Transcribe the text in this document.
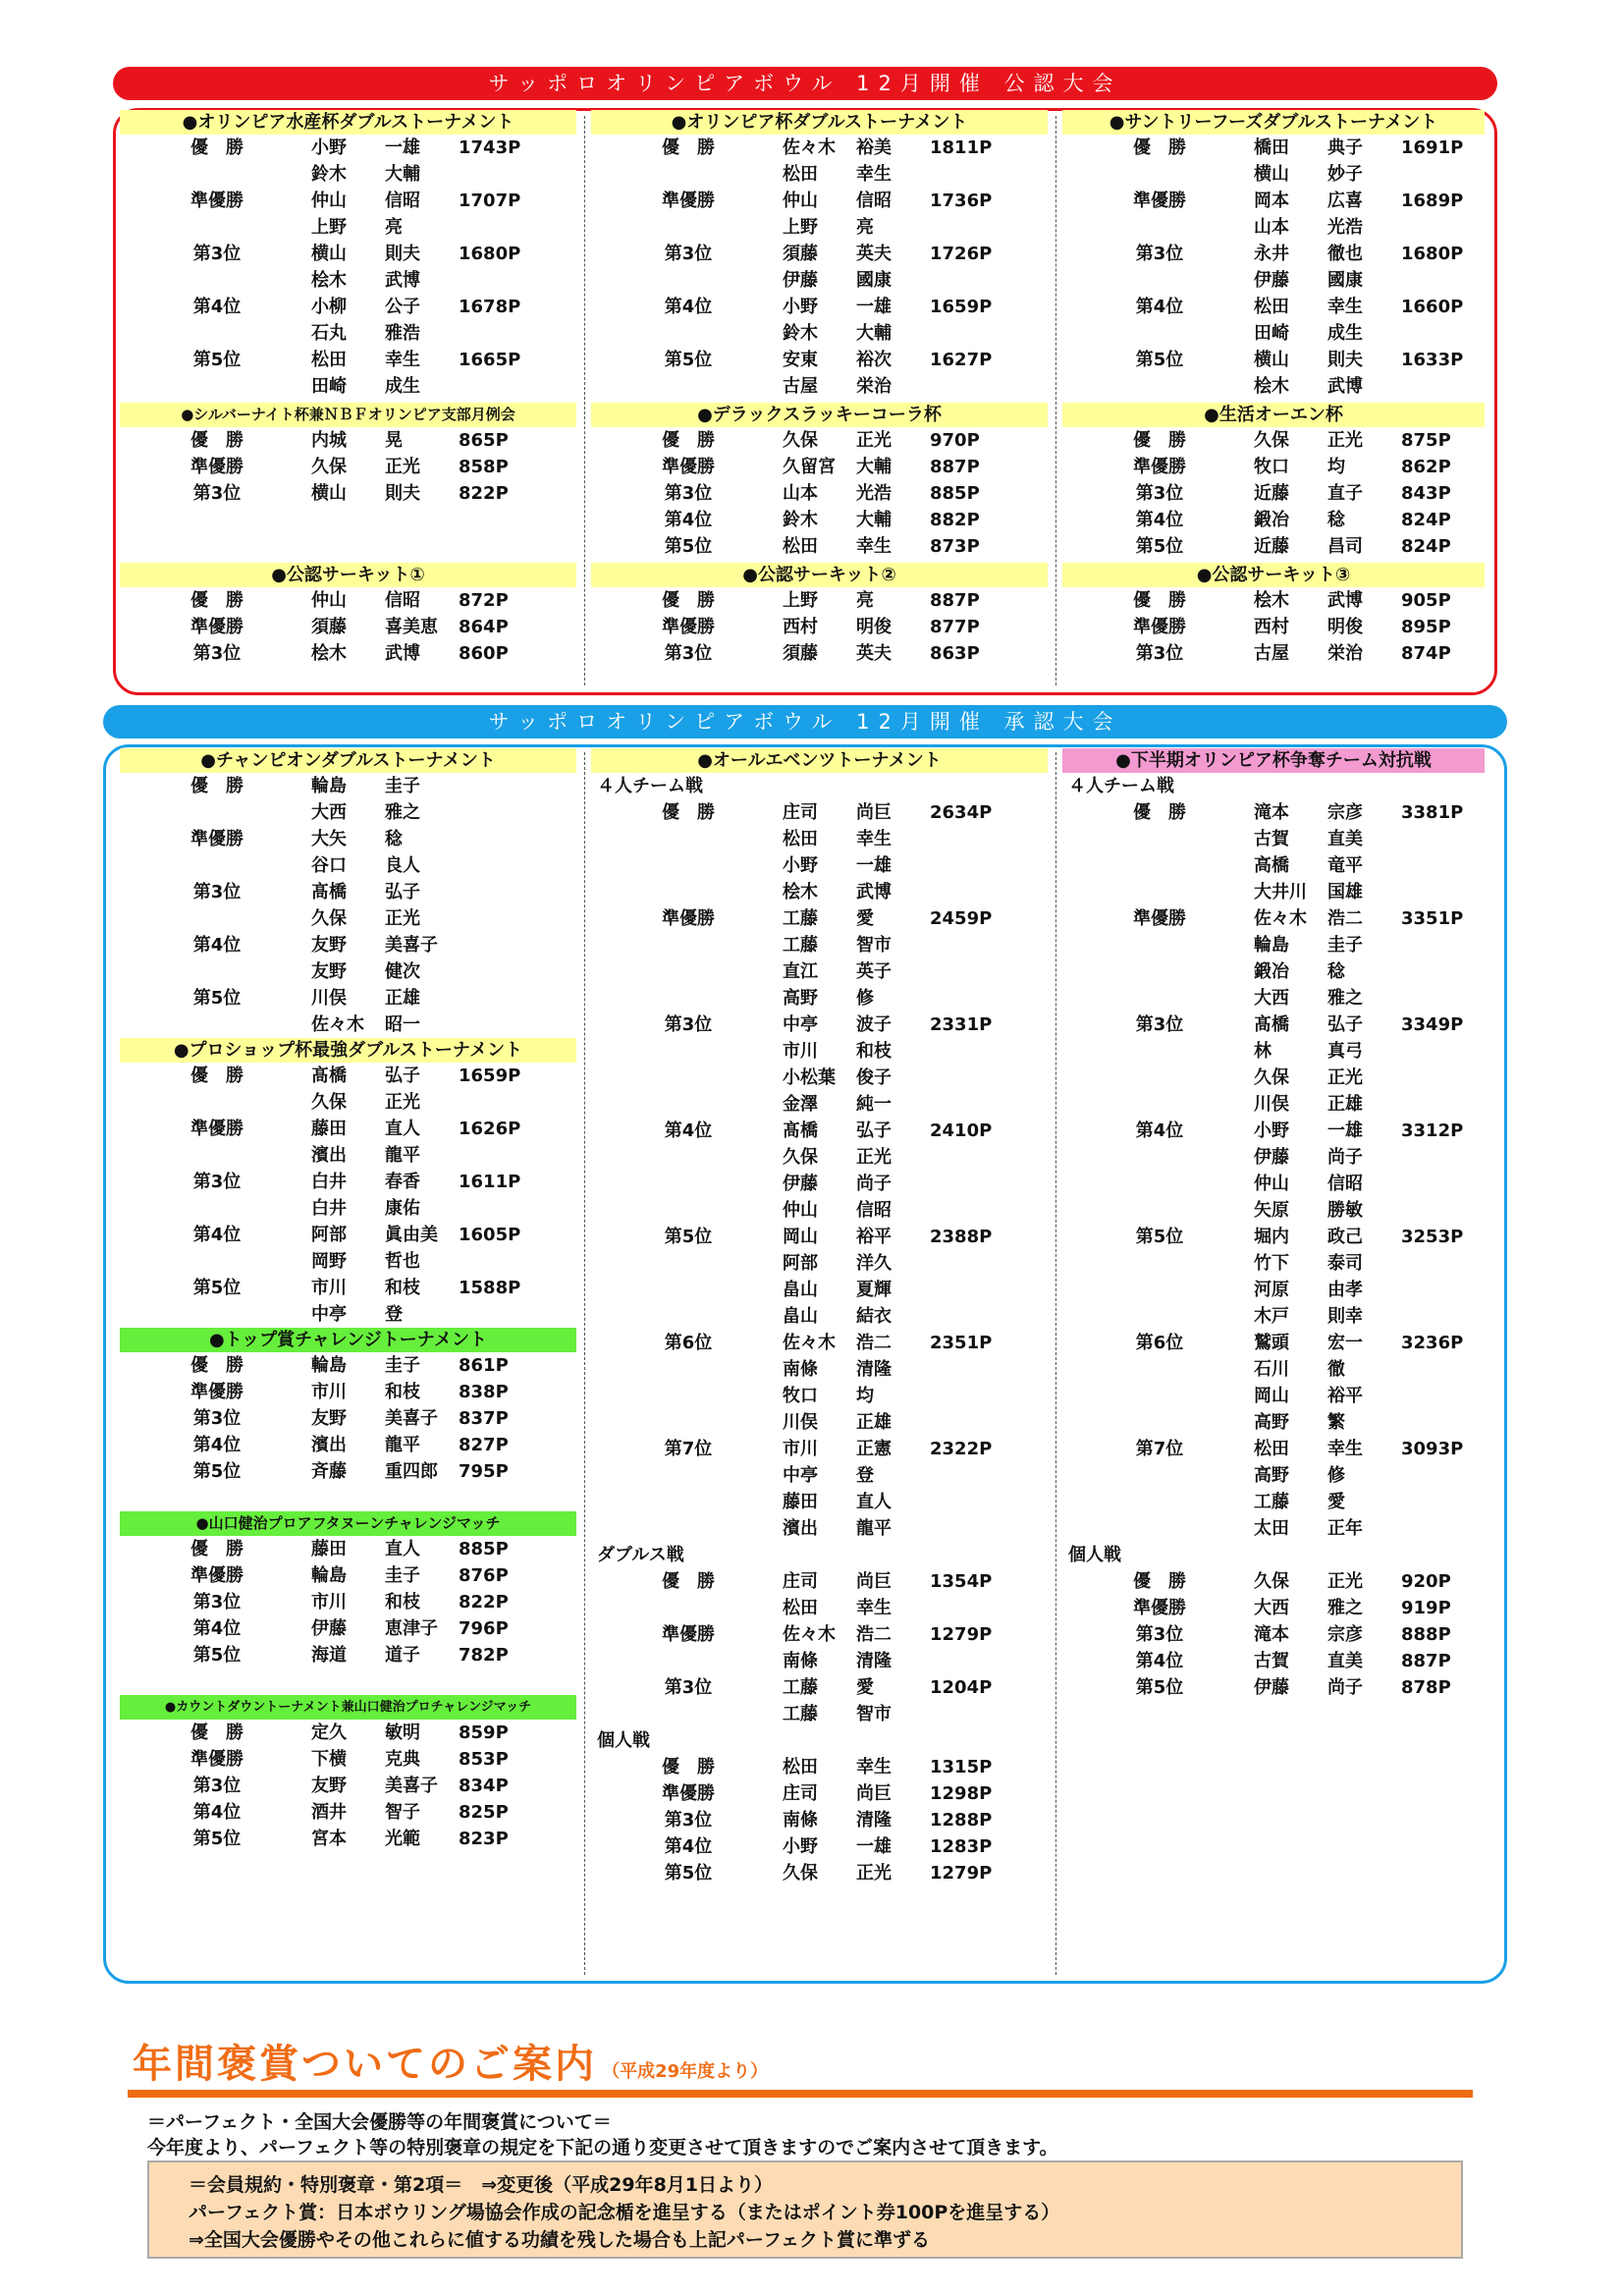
サッポロオリンピアボウル 12月開催 公認大会
●オリンピア水産杯ダブルストーナメント
優　勝	小野	一雄	1743P
鈴木	大輔
準優勝	仲山	信昭	1707P
上野	亮
第3位	横山	則夫	1680P
桧木	武博
第4位	小柳	公子	1678P
石丸	雅浩
第5位	松田	幸生	1665P
田崎	成生
●シルバーナイト杯兼ＮＢＦオリンピア支部月例会
優　勝	内城	晃	865P
準優勝	久保	正光	858P
第3位	横山	則夫	822P
●公認サーキット①
優　勝	仲山	信昭	872P
準優勝	須藤	喜美恵 864P
第3位	桧木	武博	860P
●オリンピア杯ダブルストーナメント
優　勝	佐々木 裕美	1811P
松田	幸生
準優勝	仲山	信昭	1736P
上野	亮
第3位	須藤	英夫	1726P
伊藤	國康
第4位	小野	一雄	1659P
鈴木	大輔
第5位	安東	裕次	1627P
古屋	栄治
●デラックスラッキーコーラ杯
優　勝	久保	正光	970P
準優勝	久留宮 大輔	887P
第3位	山本	光浩	885P
第4位	鈴木	大輔	882P
第5位	松田	幸生	873P
●公認サーキット②
優　勝	上野	亮	887P
準優勝	西村	明俊	877P
第3位	須藤	英夫	863P
●サントリーフーズダブルストーナメント
優　勝	橋田	典子	1691P
横山	妙子
準優勝	岡本	広喜	1689P
山本	光浩
第3位	永井	徹也	1680P
伊藤	國康
第4位	松田	幸生	1660P
田崎	成生
第5位	横山	則夫	1633P
桧木	武博
●生活オーエン杯
優　勝	久保	正光	875P
準優勝	牧口	均	862P
第3位	近藤	直子	843P
第4位	鍛冶	稔	824P
第5位	近藤	昌司	824P
●公認サーキット③
優　勝	桧木	武博	905P
準優勝	西村	明俊	895P
第3位	古屋	栄治	874P
サッポロオリンピアボウル 12月開催 承認大会
●チャンピオンダブルストーナメント
優　勝	輪島	圭子
大西	雅之
準優勝	大矢	稔
谷口	良人
第3位	髙橋	弘子
久保	正光
第4位	友野	美喜子
友野	健次
第5位	川俣	正雄
佐々木 昭一
●プロショップ杯最強ダブルストーナメント
優　勝	髙橋	弘子	1659P
久保	正光
準優勝	藤田	直人	1626P
濱出	龍平
第3位	白井	春香	1611P
白井	康佑
第4位	阿部	眞由美 1605P
岡野	哲也
第5位	市川	和枝	1588P
中亭	登
●トップ賞チャレンジトーナメント
優　勝	輪島	圭子	861P
準優勝	市川	和枝	838P
第3位	友野	美喜子 837P
第4位	濱出	龍平	827P
第5位	斉藤	重四郎 795P
●山口健治プロアフタヌーンチャレンジマッチ
優　勝	藤田	直人	885P
準優勝	輪島	圭子	876P
第3位	市川	和枝	822P
第4位	伊藤	恵津子 796P
第5位	海道	道子	782P
●カウントダウントーナメント兼山口健治プロチャレンジマッチ
優　勝	定久	敏明	859P
準優勝	下横	克典	853P
第3位	友野	美喜子 834P
第4位	酒井	智子	825P
第5位	宮本	光範	823P
●オールエベンツトーナメント
４人チーム戦
優　勝	庄司	尚巨	2634P
松田	幸生
小野	一雄
桧木	武博
準優勝	工藤	愛	2459P
工藤	智市
直江	英子
高野	修
第3位	中亭	波子	2331P
市川	和枝
小松葉 俊子
金澤	純一
第4位	髙橋	弘子	2410P
久保	正光
伊藤	尚子
仲山	信昭
第5位	岡山	裕平	2388P
阿部	洋久
畠山	夏輝
畠山	結衣
第6位	佐々木 浩二	2351P
南條	清隆
牧口	均
川俣	正雄
第7位	市川	正憲	2322P
中亭	登
藤田	直人
濱出	龍平
ダブルス戦
優　勝	庄司	尚巨	1354P
松田	幸生
準優勝	佐々木 浩二	1279P
南條	清隆
第3位	工藤	愛	1204P
工藤	智市
個人戦
優　勝	松田	幸生	1315P
準優勝	庄司	尚巨	1298P
第3位	南條	清隆	1288P
第4位	小野	一雄	1283P
第5位	久保	正光	1279P
●下半期オリンピア杯争奪チーム対抗戦
４人チーム戦
優　勝	滝本	宗彦	3381P
古賀	直美
高橋	竜平
大井川 国雄
準優勝	佐々木 浩二	3351P
輪島	圭子
鍛冶	稔
大西	雅之
第3位	髙橋	弘子	3349P
林	真弓
久保	正光
川俣	正雄
第4位	小野	一雄	3312P
伊藤	尚子
仲山	信昭
矢原	勝敏
第5位	堀内	政己	3253P
竹下	泰司
河原	由孝
木戸	則幸
第6位	鷲頭	宏一	3236P
石川	徹
岡山	裕平
高野	繁
第7位	松田	幸生	3093P
高野	修
工藤	愛
太田	正年
個人戦
優　勝	久保	正光	920P
準優勝	大西	雅之	919P
第3位	滝本	宗彦	888P
第4位	古賀	直美	887P
第5位	伊藤	尚子	878P
年間褒賞ついてのご案内 （平成29年度より）
＝パーフェクト・全国大会優勝等の年間褒賞について＝
今年度より、パーフェクト等の特別褒章の規定を下記の通り変更させて頂きますのでご案内させて頂きます。
＝会員規約・特別褒章・第2項＝　⇒変更後（平成29年8月1日より）
パーフェクト賞：日本ボウリング場協会作成の記念楯を進呈する（またはポイント券100Pを進呈する）
⇒全国大会優勝やその他これらに値する功績を残した場合も上記パーフェクト賞に準ずる
